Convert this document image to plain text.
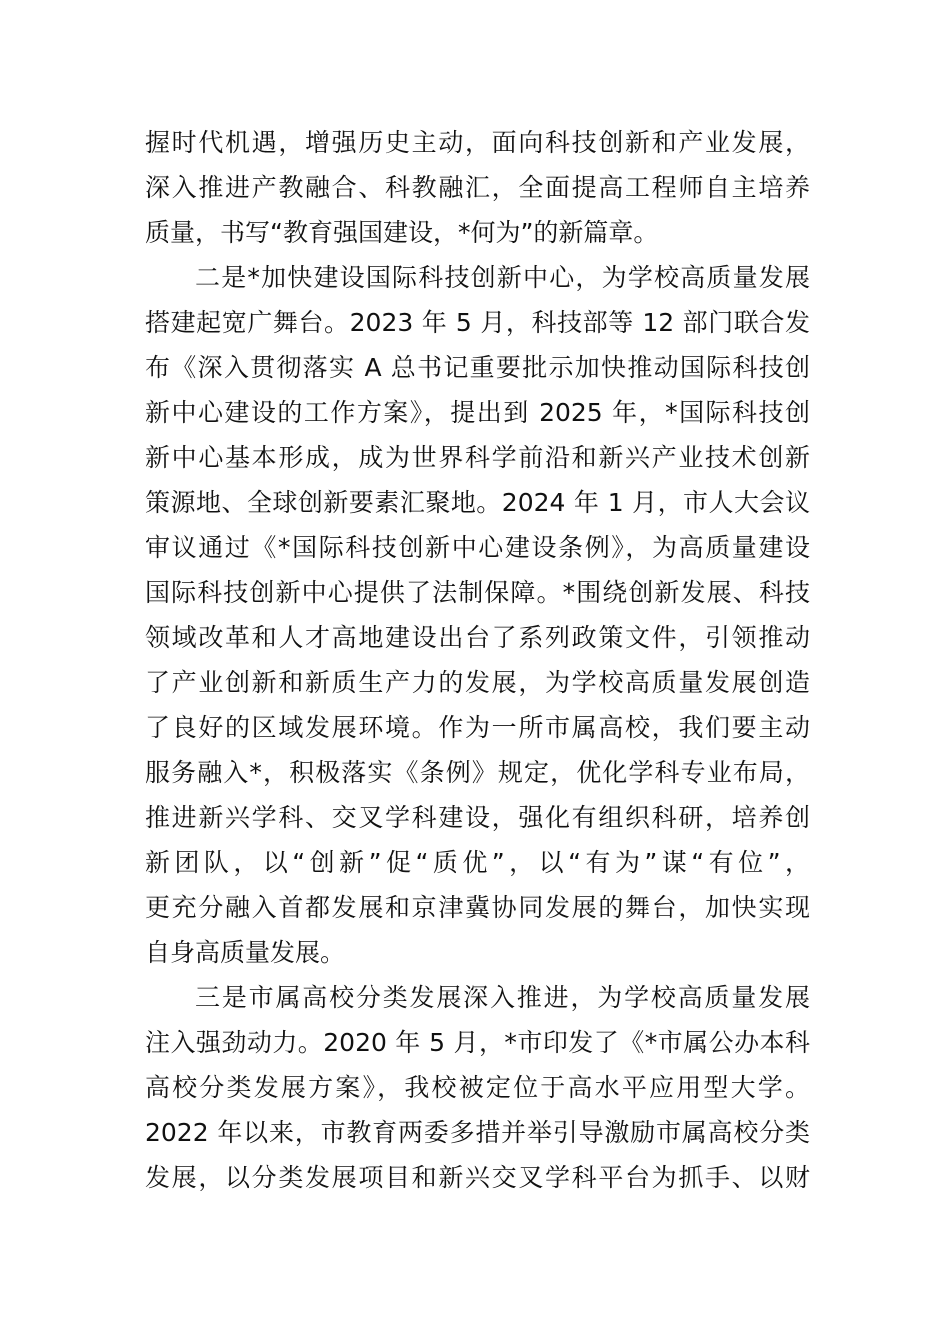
握时代机遇，增强历史主动，面向科技创新和产业发展，
深入推进产教融合、科教融汇，全面提高工程师自主培养
质量，书写“教育强国建设，*何为”的新篇章。
二是*加快建设国际科技创新中心，为学校高质量发展
搭建起宽广舞台。2023 年 5 月，科技部等 12 部门联合发
布《深入贯彻落实 A 总书记重要批示加快推动国际科技创
新中心建设的工作方案》，提出到 2025 年，*国际科技创
新中心基本形成，成为世界科学前沿和新兴产业技术创新
策源地、全球创新要素汇聚地。2024 年 1 月，市人大会议
审议通过《*国际科技创新中心建设条例》，为高质量建设
国际科技创新中心提供了法制保障。*围绕创新发展、科技
领域改革和人才高地建设出台了系列政策文件，引领推动
了产业创新和新质生产力的发展，为学校高质量发展创造
了良好的区域发展环境。作为一所市属高校，我们要主动
服务融入*，积极落实《条例》规定，优化学科专业布局，
推进新兴学科、交叉学科建设，强化有组织科研，培养创
新团队，以“创新”促“质优”，以“有为”谋“有位”，
更充分融入首都发展和京津冀协同发展的舞台，加快实现
自身高质量发展。
三是市属高校分类发展深入推进，为学校高质量发展
注入强劲动力。2020 年 5 月，*市印发了《*市属公办本科
高校分类发展方案》，我校被定位于高水平应用型大学。
2022 年以来，市教育两委多措并举引导激励市属高校分类
发展，以分类发展项目和新兴交叉学科平台为抓手、以财
